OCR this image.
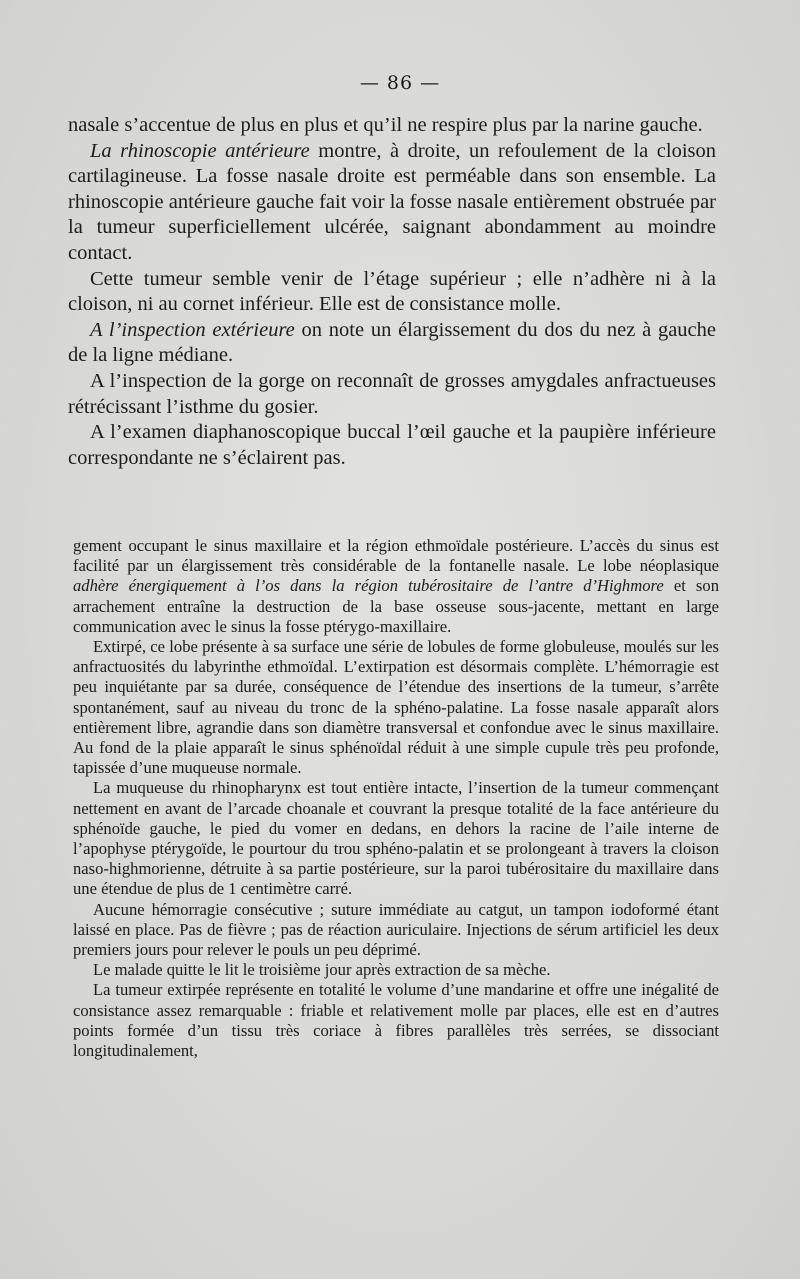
— 86 —

nasale s’accentue de plus en plus et qu’il ne respire plus par la narine gauche.

La rhinoscopie antérieure montre, à droite, un refoulement de la cloison cartilagineuse. La fosse nasale droite est perméable dans son ensemble. La rhinoscopie antérieure gauche fait voir la fosse nasale entièrement obstruée par la tumeur superficiellement ulcérée, saignant abondamment au moindre contact.

Cette tumeur semble venir de l’étage supérieur ; elle n’adhère ni à la cloison, ni au cornet inférieur. Elle est de consistance molle.

A l’inspection extérieure on note un élargissement du dos du nez à gauche de la ligne médiane.

A l’inspection de la gorge on reconnaît de grosses amygdales anfractueuses rétrécissant l’isthme du gosier.

A l’examen diaphanoscopique buccal l’œil gauche et la paupière inférieure correspondante ne s’éclairent pas.

gement occupant le sinus maxillaire et la région ethmoïdale postérieure. L’accès du sinus est facilité par un élargissement très considérable de la fontanelle nasale. Le lobe néoplasique adhère énergiquement à l’os dans la région tubérositaire de l’antre d’Highmore et son arrachement entraîne la destruction de la base osseuse sous-jacente, mettant en large communication avec le sinus la fosse ptérygo-maxillaire.

Extirpé, ce lobe présente à sa surface une série de lobules de forme globuleuse, moulés sur les anfractuosités du labyrinthe ethmoïdal. L’extirpation est désormais complète. L’hémorragie est peu inquiétante par sa durée, conséquence de l’étendue des insertions de la tumeur, s’arrête spontanément, sauf au niveau du tronc de la sphéno-palatine. La fosse nasale apparaît alors entièrement libre, agrandie dans son diamètre transversal et confondue avec le sinus maxillaire. Au fond de la plaie apparaît le sinus sphénoïdal réduit à une simple cupule très peu profonde, tapissée d’une muqueuse normale.

La muqueuse du rhinopharynx est tout entière intacte, l’insertion de la tumeur commençant nettement en avant de l’arcade choanale et couvrant la presque totalité de la face antérieure du sphénoïde gauche, le pied du vomer en dedans, en dehors la racine de l’aile interne de l’apophyse ptérygoïde, le pourtour du trou sphéno-palatin et se prolongeant à travers la cloison naso-highmorienne, détruite à sa partie postérieure, sur la paroi tubérositaire du maxillaire dans une étendue de plus de 1 centimètre carré.

Aucune hémorragie consécutive ; suture immédiate au catgut, un tampon iodoformé étant laissé en place. Pas de fièvre ; pas de réaction auriculaire. Injections de sérum artificiel les deux premiers jours pour relever le pouls un peu déprimé.

Le malade quitte le lit le troisième jour après extraction de sa mèche.

La tumeur extirpée représente en totalité le volume d’une mandarine et offre une inégalité de consistance assez remarquable : friable et relativement molle par places, elle est en d’autres points formée d’un tissu très coriace à fibres parallèles très serrées, se dissociant longitudinalement,
